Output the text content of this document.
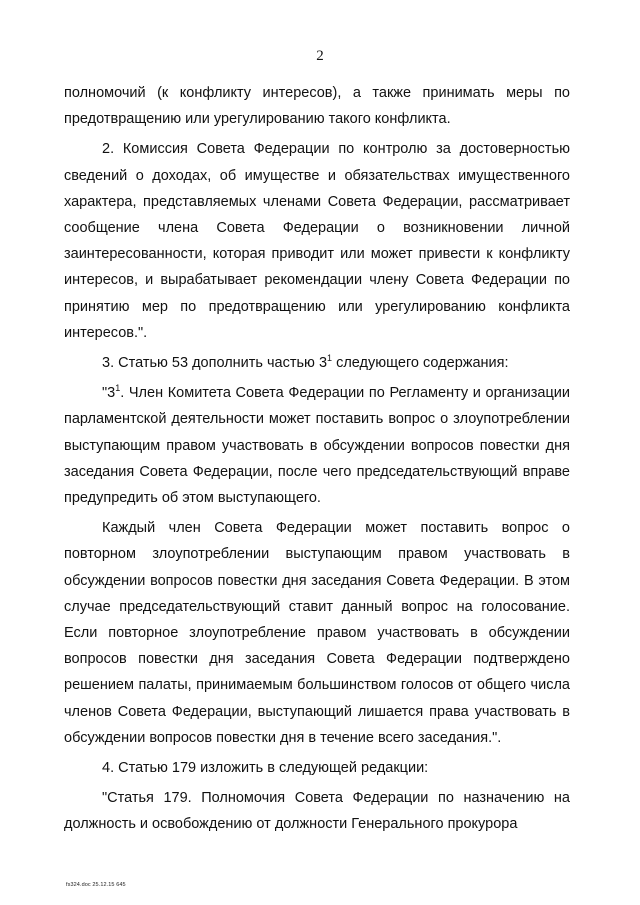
2

полномочий (к конфликту интересов), а также принимать меры по предотвращению или урегулированию такого конфликта.

2. Комиссия Совета Федерации по контролю за достоверностью сведений о доходах, об имуществе и обязательствах имущественного характера, представляемых членами Совета Федерации, рассматривает сообщение члена Совета Федерации о возникновении личной заинтересованности, которая приводит или может привести к конфликту интересов, и вырабатывает рекомендации члену Совета Федерации по принятию мер по предотвращению или урегулированию конфликта интересов.".

3. Статью 53 дополнить частью $3^1$ следующего содержания:

"$3^1$. Член Комитета Совета Федерации по Регламенту и организации парламентской деятельности может поставить вопрос о злоупотреблении выступающим правом участвовать в обсуждении вопросов повестки дня заседания Совета Федерации, после чего председательствующий вправе предупредить об этом выступающего.

Каждый член Совета Федерации может поставить вопрос о повторном злоупотреблении выступающим правом участвовать в обсуждении вопросов повестки дня заседания Совета Федерации. В этом случае председательствующий ставит данный вопрос на голосование. Если повторное злоупотребление правом участвовать в обсуждении вопросов повестки дня заседания Совета Федерации подтверждено решением палаты, принимаемым большинством голосов от общего числа членов Совета Федерации, выступающий лишается права участвовать в обсуждении вопросов повестки дня в течение всего заседания.".

4. Статью 179 изложить в следующей редакции:

"Статья 179. Полномочия Совета Федерации по назначению на должность и освобождению от должности Генерального прокурора

fs324.doc 25.12.15 645
